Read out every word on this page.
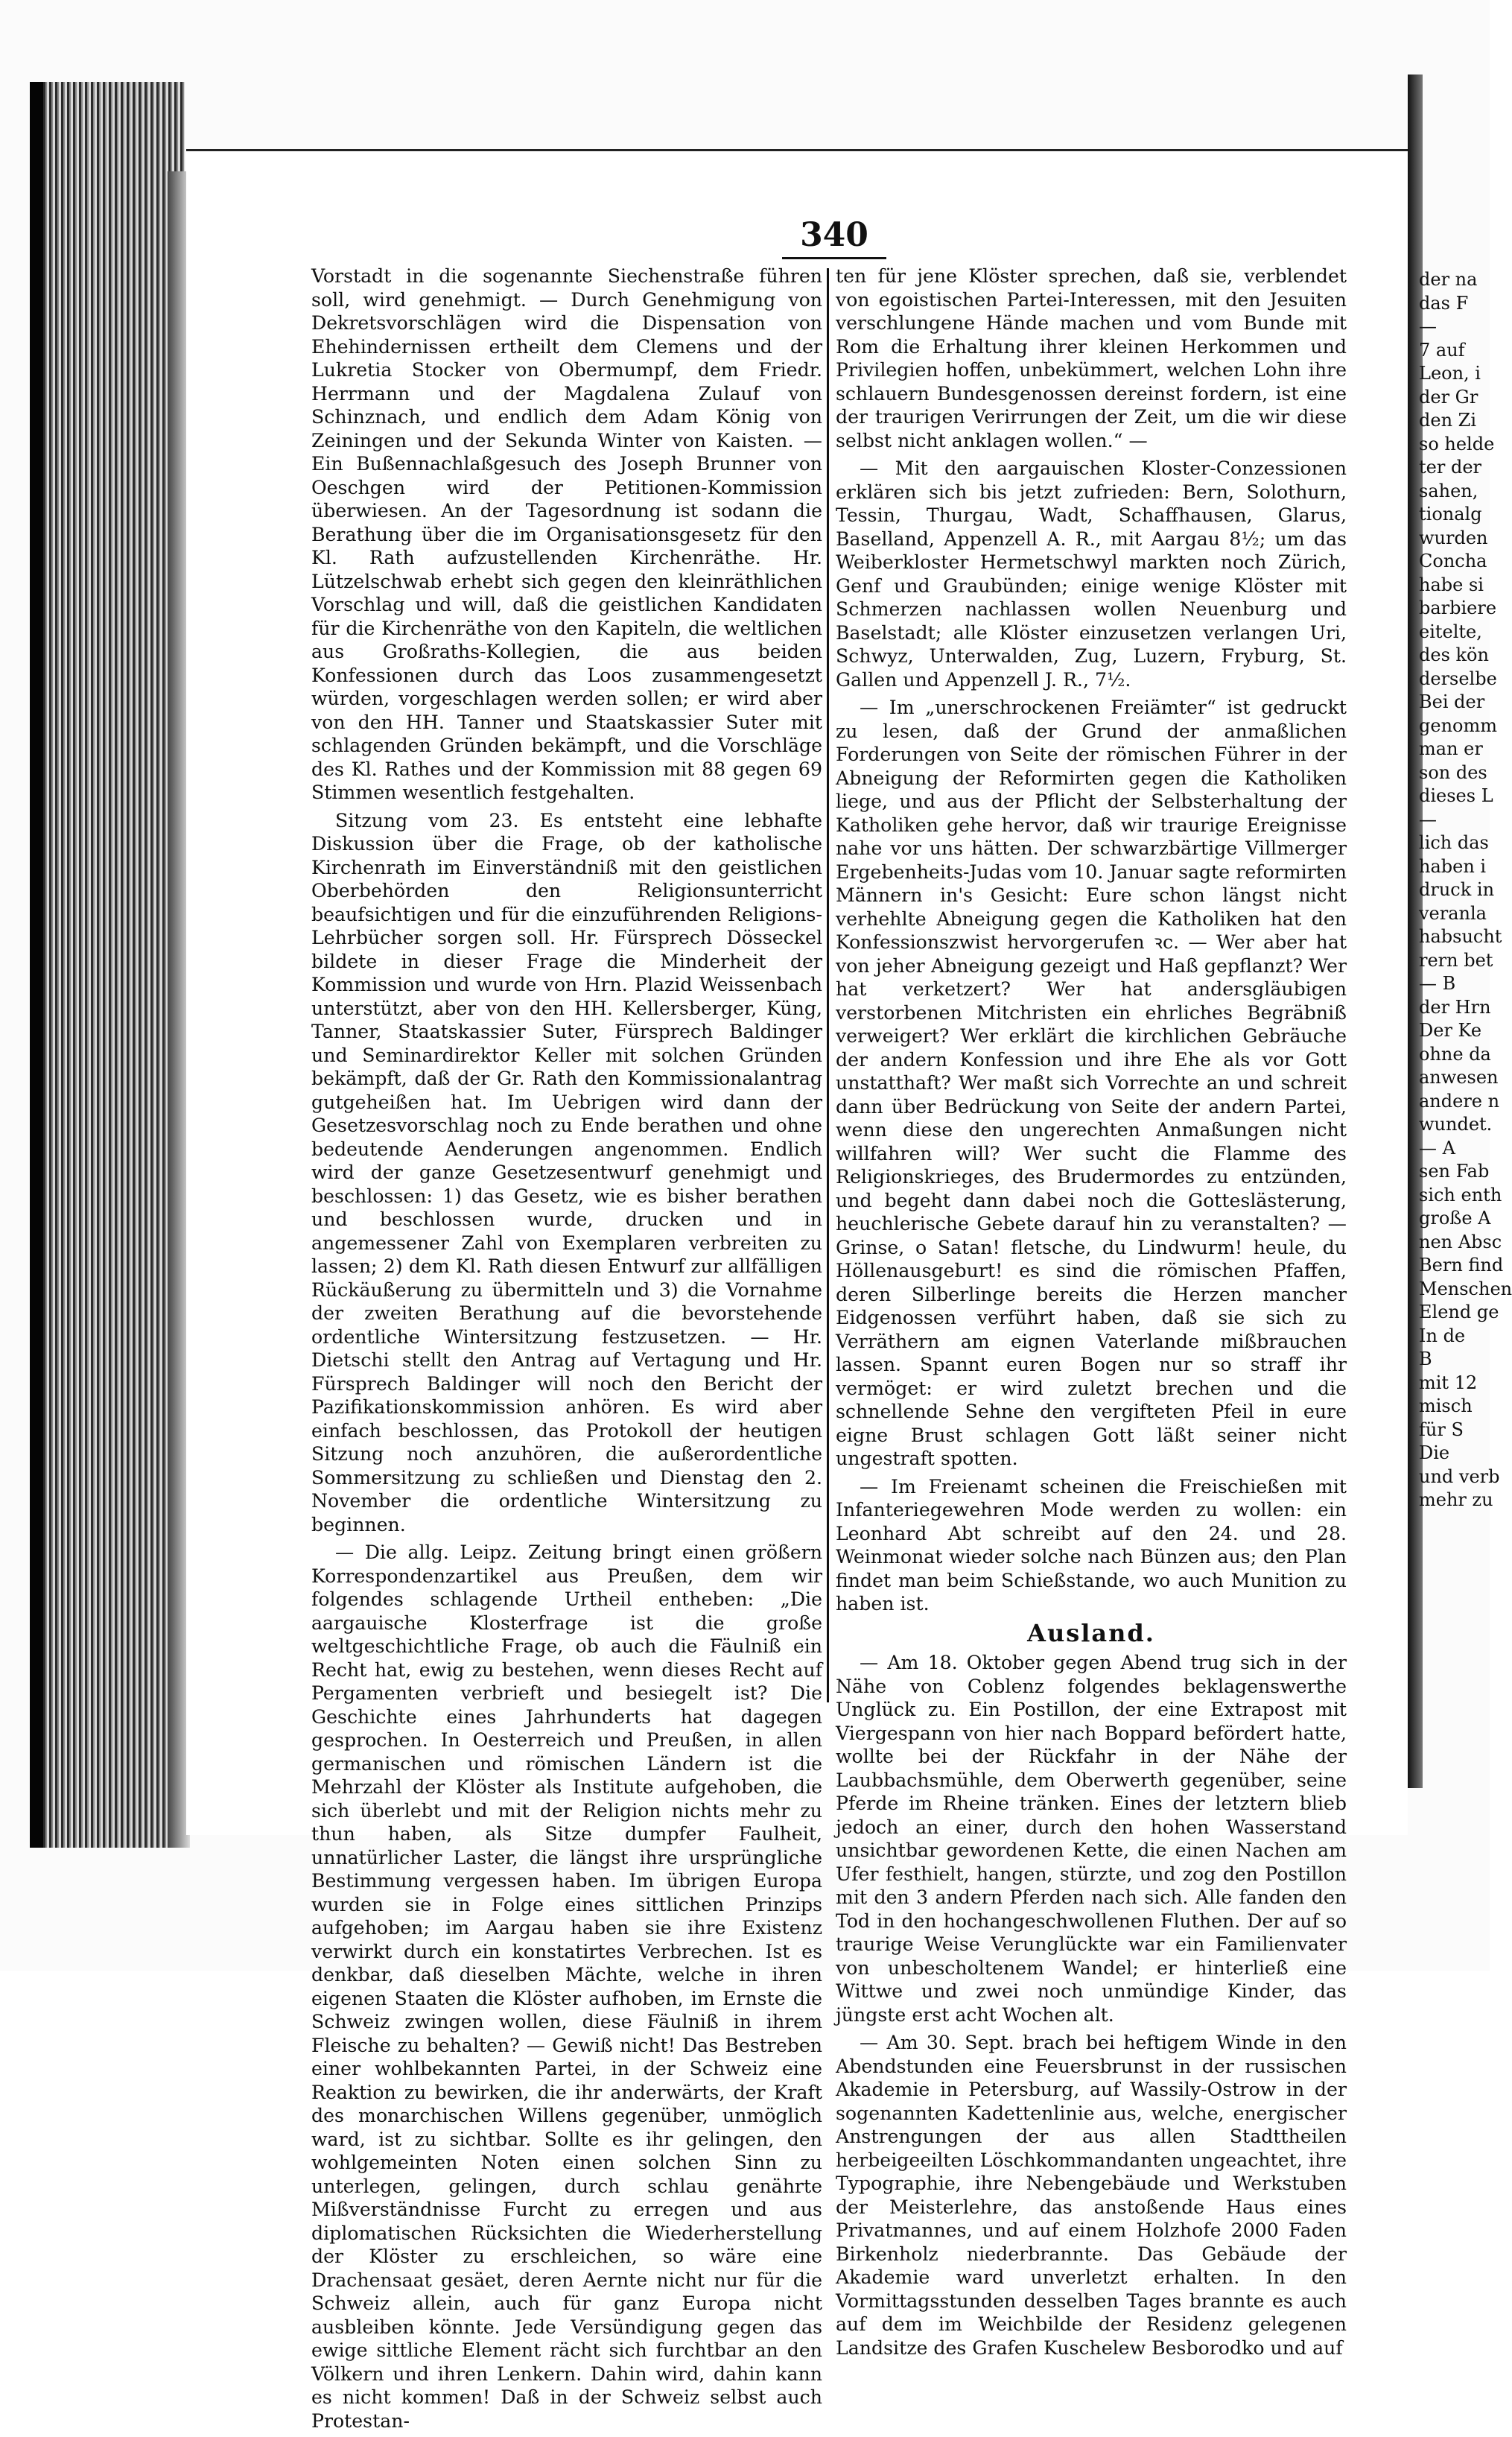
340

Vorstadt in die sogenannte Siechenstraße führen soll, wird genehmigt. — Durch Genehmigung von Dekretsvorschlägen wird die Dispensation von Ehehindernissen ertheilt dem Clemens und der Lukretia Stocker von Obermumpf, dem Friedr. Herrmann und der Magdalena Zulauf von Schinznach, und endlich dem Adam König von Zeiningen und der Sekunda Winter von Kaisten. — Ein Bußennachlaßgesuch des Joseph Brunner von Oeschgen wird der Petitionen-Kommission überwiesen. An der Tagesordnung ist sodann die Berathung über die im Organisationsgesetz für den Kl. Rath aufzustellenden Kirchenräthe. Hr. Lützelschwab erhebt sich gegen den kleinräthlichen Vorschlag und will, daß die geistlichen Kandidaten für die Kirchenräthe von den Kapiteln, die weltlichen aus Großraths-Kollegien, die aus beiden Konfessionen durch das Loos zusammengesetzt würden, vorgeschlagen werden sollen; er wird aber von den HH. Tanner und Staatskassier Suter mit schlagenden Gründen bekämpft, und die Vorschläge des Kl. Rathes und der Kommission mit 88 gegen 69 Stimmen wesentlich festgehalten.

Sitzung vom 23. Es entsteht eine lebhafte Diskussion über die Frage, ob der katholische Kirchenrath im Einverständniß mit den geistlichen Oberbehörden den Religionsunterricht beaufsichtigen und für die einzuführenden Religions-Lehrbücher sorgen soll. Hr. Fürsprech Dösseckel bildete in dieser Frage die Minderheit der Kommission und wurde von Hrn. Plazid Weissenbach unterstützt, aber von den HH. Kellersberger, Küng, Tanner, Staatskassier Suter, Fürsprech Baldinger und Seminardirektor Keller mit solchen Gründen bekämpft, daß der Gr. Rath den Kommissionalantrag gutgeheißen hat. Im Uebrigen wird dann der Gesetzesvorschlag noch zu Ende berathen und ohne bedeutende Aenderungen angenommen. Endlich wird der ganze Gesetzesentwurf genehmigt und beschlossen: 1) das Gesetz, wie es bisher berathen und beschlossen wurde, drucken und in angemessener Zahl von Exemplaren verbreiten zu lassen; 2) dem Kl. Rath diesen Entwurf zur allfälligen Rückäußerung zu übermitteln und 3) die Vornahme der zweiten Berathung auf die bevorstehende ordentliche Wintersitzung festzusetzen. — Hr. Dietschi stellt den Antrag auf Vertagung und Hr. Fürsprech Baldinger will noch den Bericht der Pazifikationskommission anhören. Es wird aber einfach beschlossen, das Protokoll der heutigen Sitzung noch anzuhören, die außerordentliche Sommersitzung zu schließen und Dienstag den 2. November die ordentliche Wintersitzung zu beginnen.

— Die allg. Leipz. Zeitung bringt einen größern Korrespondenzartikel aus Preußen, dem wir folgendes schlagende Urtheil entheben: „Die aargauische Klosterfrage ist die große weltgeschichtliche Frage, ob auch die Fäulniß ein Recht hat, ewig zu bestehen, wenn dieses Recht auf Pergamenten verbrieft und besiegelt ist? Die Geschichte eines Jahrhunderts hat dagegen gesprochen. In Oesterreich und Preußen, in allen germanischen und römischen Ländern ist die Mehrzahl der Klöster als Institute aufgehoben, die sich überlebt und mit der Religion nichts mehr zu thun haben, als Sitze dumpfer Faulheit, unnatürlicher Laster, die längst ihre ursprüngliche Bestimmung vergessen haben. Im übrigen Europa wurden sie in Folge eines sittlichen Prinzips aufgehoben; im Aargau haben sie ihre Existenz verwirkt durch ein konstatirtes Verbrechen. Ist es denkbar, daß dieselben Mächte, welche in ihren eigenen Staaten die Klöster aufhoben, im Ernste die Schweiz zwingen wollen, diese Fäulniß in ihrem Fleische zu behalten? — Gewiß nicht! Das Bestreben einer wohlbekannten Partei, in der Schweiz eine Reaktion zu bewirken, die ihr anderwärts, der Kraft des monarchischen Willens gegenüber, unmöglich ward, ist zu sichtbar. Sollte es ihr gelingen, den wohlgemeinten Noten einen solchen Sinn zu unterlegen, gelingen, durch schlau genährte Mißverständnisse Furcht zu erregen und aus diplomatischen Rücksichten die Wiederherstellung der Klöster zu erschleichen, so wäre eine Drachensaat gesäet, deren Aernte nicht nur für die Schweiz allein, auch für ganz Europa nicht ausbleiben könnte. Jede Versündigung gegen das ewige sittliche Element rächt sich furchtbar an den Völkern und ihren Lenkern. Dahin wird, dahin kann es nicht kommen! Daß in der Schweiz selbst auch Protestan-

ten für jene Klöster sprechen, daß sie, verblendet von egoistischen Partei-Interessen, mit den Jesuiten verschlungene Hände machen und vom Bunde mit Rom die Erhaltung ihrer kleinen Herkommen und Privilegien hoffen, unbekümmert, welchen Lohn ihre schlauern Bundesgenossen dereinst fordern, ist eine der traurigen Verirrungen der Zeit, um die wir diese selbst nicht anklagen wollen.“ —

— Mit den aargauischen Kloster-Conzessionen erklären sich bis jetzt zufrieden: Bern, Solothurn, Tessin, Thurgau, Wadt, Schaffhausen, Glarus, Baselland, Appenzell A. R., mit Aargau 8½; um das Weiberkloster Hermetschwyl markten noch Zürich, Genf und Graubünden; einige wenige Klöster mit Schmerzen nachlassen wollen Neuenburg und Baselstadt; alle Klöster einzusetzen verlangen Uri, Schwyz, Unterwalden, Zug, Luzern, Fryburg, St. Gallen und Appenzell J. R., 7½.

— Im „unerschrockenen Freiämter“ ist gedruckt zu lesen, daß der Grund der anmaßlichen Forderungen von Seite der römischen Führer in der Abneigung der Reformirten gegen die Katholiken liege, und aus der Pflicht der Selbsterhaltung der Katholiken gehe hervor, daß wir traurige Ereignisse nahe vor uns hätten. Der schwarzbärtige Villmerger Ergebenheits-Judas vom 10. Januar sagte reformirten Männern in's Gesicht: Eure schon längst nicht verhehlte Abneigung gegen die Katholiken hat den Konfessionszwist hervorgerufen ꝛc. — Wer aber hat von jeher Abneigung gezeigt und Haß gepflanzt? Wer hat verketzert? Wer hat andersgläubigen verstorbenen Mitchristen ein ehrliches Begräbniß verweigert? Wer erklärt die kirchlichen Gebräuche der andern Konfession und ihre Ehe als vor Gott unstatthaft? Wer maßt sich Vorrechte an und schreit dann über Bedrückung von Seite der andern Partei, wenn diese den ungerechten Anmaßungen nicht willfahren will? Wer sucht die Flamme des Religionskrieges, des Brudermordes zu entzünden, und begeht dann dabei noch die Gotteslästerung, heuchlerische Gebete darauf hin zu veranstalten? — Grinse, o Satan! fletsche, du Lindwurm! heule, du Höllenausgeburt! es sind die römischen Pfaffen, deren Silberlinge bereits die Herzen mancher Eidgenossen verführt haben, daß sie sich zu Verräthern am eignen Vaterlande mißbrauchen lassen. Spannt euren Bogen nur so straff ihr vermöget: er wird zuletzt brechen und die schnellende Sehne den vergifteten Pfeil in eure eigne Brust schlagen Gott läßt seiner nicht ungestraft spotten.

— Im Freienamt scheinen die Freischießen mit Infanteriegewehren Mode werden zu wollen: ein Leonhard Abt schreibt auf den 24. und 28. Weinmonat wieder solche nach Bünzen aus; den Plan findet man beim Schießstande, wo auch Munition zu haben ist.

Ausland.

— Am 18. Oktober gegen Abend trug sich in der Nähe von Coblenz folgendes beklagenswerthe Unglück zu. Ein Postillon, der eine Extrapost mit Viergespann von hier nach Boppard befördert hatte, wollte bei der Rückfahr in der Nähe der Laubbachsmühle, dem Oberwerth gegenüber, seine Pferde im Rheine tränken. Eines der letztern blieb jedoch an einer, durch den hohen Wasserstand unsichtbar gewordenen Kette, die einen Nachen am Ufer festhielt, hangen, stürzte, und zog den Postillon mit den 3 andern Pferden nach sich. Alle fanden den Tod in den hochangeschwollenen Fluthen. Der auf so traurige Weise Verunglückte war ein Familienvater von unbescholtenem Wandel; er hinterließ eine Wittwe und zwei noch unmündige Kinder, das jüngste erst acht Wochen alt.

— Am 30. Sept. brach bei heftigem Winde in den Abendstunden eine Feuersbrunst in der russischen Akademie in Petersburg, auf Wassily-Ostrow in der sogenannten Kadettenlinie aus, welche, energischer Anstrengungen der aus allen Stadttheilen herbeigeeilten Löschkommandanten ungeachtet, ihre Typographie, ihre Nebengebäude und Werkstuben der Meisterlehre, das anstoßende Haus eines Privatmannes, und auf einem Holzhofe 2000 Faden Birkenholz niederbrannte. Das Gebäude der Akademie ward unverletzt erhalten. In den Vormittagsstunden desselben Tages brannte es auch auf dem im Weichbilde der Residenz gelegenen Landsitze des Grafen Kuschelew Besborodko und auf

der na
das F
—
7 auf
Leon, i
der Gr
den Zi
so helde
ter der
sahen,
tionalg
wurden
Concha
habe si
barbiere
eitelte,
des kön
derselbe
Bei der
genomm
man er
son des
dieses L
—
lich das
haben i
druck in
veranla
habsucht
rern bet
— B
der Hrn
Der Ke
ohne da
anwesen
andere n
wundet.
— A
sen Fab
sich enth
große A
nen Absc
Bern find
Menschen
Elend ge
In de
B
mit 12
misch
für S
Die
und verb
mehr zu
